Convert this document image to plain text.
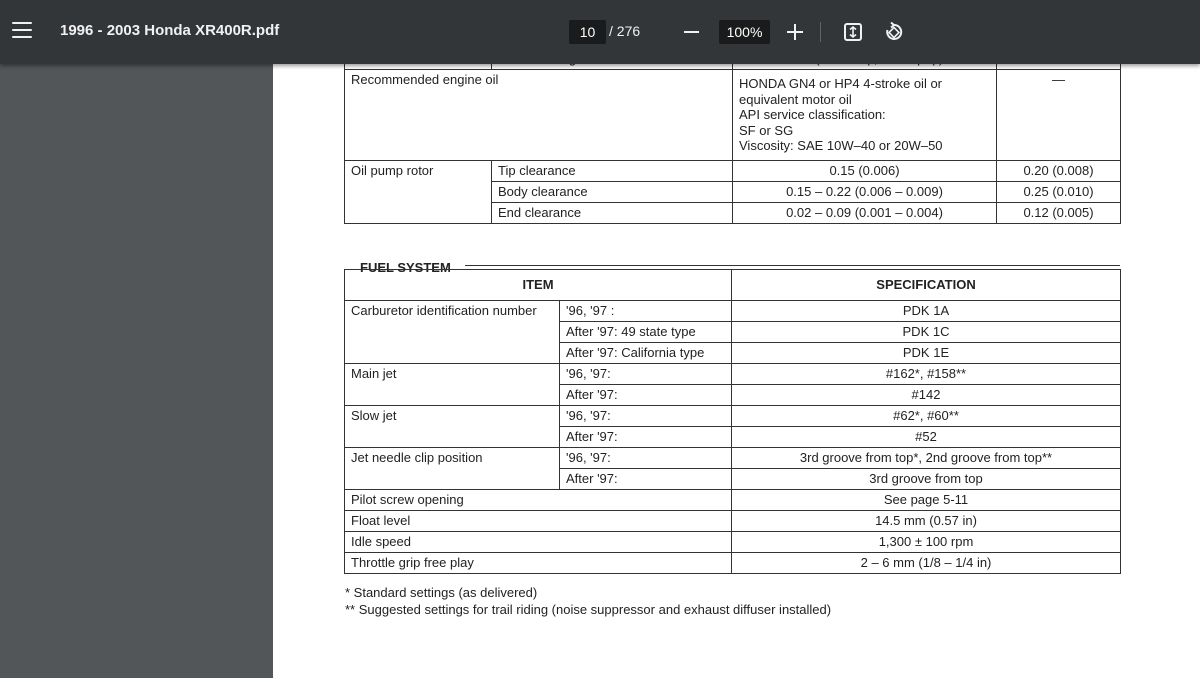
1996 - 2003 Honda XR400R.pdf	10 / 276	100%

Recommended engine oil		HONDA GN4 or HP4 4-stroke oil or
equivalent motor oil
API service classification:
SF or SG
Viscosity: SAE 10W–40 or 20W–50	—
Oil pump rotor	Tip clearance	0.15 (0.006)	0.20 (0.008)
	Body clearance	0.15 – 0.22 (0.006 – 0.009)	0.25 (0.010)
	End clearance	0.02 – 0.09 (0.001 – 0.004)	0.12 (0.005)
FUEL SYSTEM
ITEM		SPECIFICATION
Carburetor identification number	'96, '97 :	PDK 1A
	After '97: 49 state type	PDK 1C
	After '97: California type	PDK 1E
Main jet	'96, '97:	#162*, #158**
	After '97:	#142
Slow jet	'96, '97:	#62*, #60**
	After '97:	#52
Jet needle clip position	'96, '97:	3rd groove from top*, 2nd groove from top**
	After '97:	3rd groove from top
Pilot screw opening		See page 5-11
Float level		14.5 mm (0.57 in)
Idle speed		1,300 ± 100 rpm
Throttle grip free play		2 – 6 mm (1/8 – 1/4 in)
* Standard settings (as delivered)
** Suggested settings for trail riding (noise suppressor and exhaust diffuser installed)
